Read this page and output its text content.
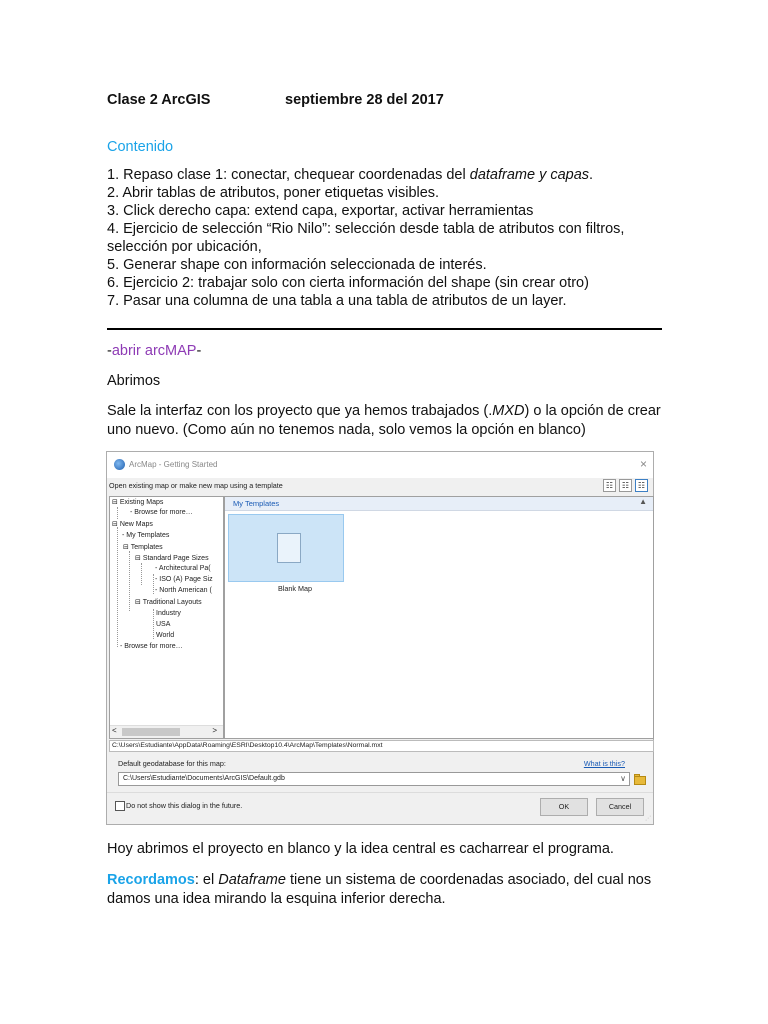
Clase 2 ArcGIS	septiembre 28 del 2017
Contenido
1. Repaso clase 1: conectar, chequear coordenadas del dataframe y capas.
2. Abrir tablas de atributos, poner etiquetas visibles.
3. Click derecho capa: extend capa, exportar, activar herramientas
4. Ejercicio de selección “Rio Nilo”: selección desde tabla de atributos con filtros,
selección por ubicación,
5. Generar shape con información seleccionada de interés.
6. Ejercicio 2: trabajar solo con cierta información del shape (sin crear otro)
7. Pasar una columna de una tabla a una tabla de atributos de un layer.
-abrir arcMAP-
Abrimos
Sale la interfaz con los proyecto que ya hemos trabajados (.MXD) o la opción de crear uno nuevo. (Como aún no tenemos nada, solo vemos la opción en blanco)
ArcMap - Getting Started	×
Open existing map or make new map using a template	☷	☷	☷
⊟ Existing Maps
- Browse for more…
⊟ New Maps
- My Templates
⊟ Templates
⊟ Standard Page Sizes
- Architectural Pa(
- ISO (A) Page Siz
- North American (
⊟ Traditional Layouts
Industry
USA
World
- Browse for more…
<	>
My Templates	▲
Blank Map
C:\Users\Estudiante\AppData\Roaming\ESRI\Desktop10.4\ArcMap\Templates\Normal.mxt
Default geodatabase for this map:	What is this?
C:\Users\Estudiante\Documents\ArcGIS\Default.gdb	∨
Do not show this dialog in the future.	OK	Cancel
⋰
Hoy abrimos el proyecto en blanco y la idea central es cacharrear el programa.
Recordamos: el Dataframe tiene un sistema de coordenadas asociado, del cual nos damos una idea mirando la esquina inferior derecha.
